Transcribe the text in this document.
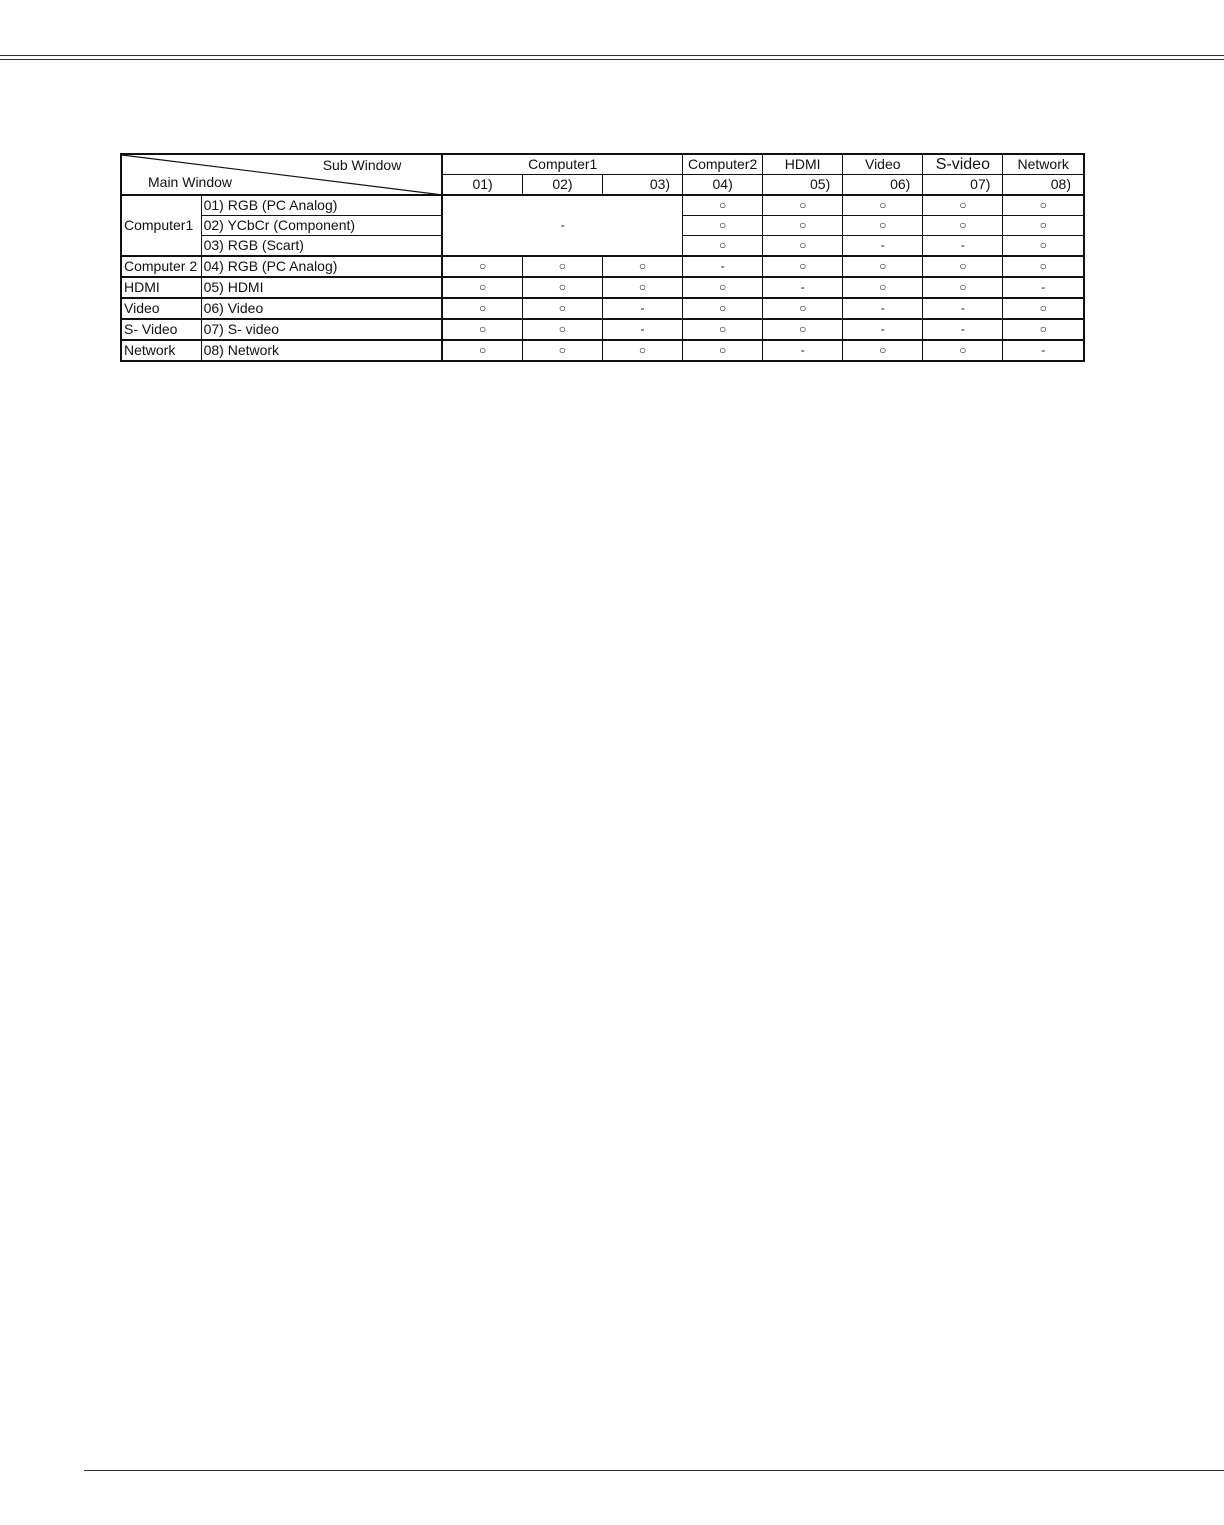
Sub Window
Main Window		Computer1			Computer2	HDMI	Video	S-video	Network
		01)	02)	03)	04)	05)	06)	07)	08)
Computer1	01) RGB (PC Analog)	-			○	○	○	○	○
	02) YCbCr (Component)				○	○	○	○	○
	03) RGB (Scart)				○	○	-	-	○
Computer 2	04) RGB (PC Analog)	○	○	○	-	○	○	○	○
HDMI	05) HDMI	○	○	○	○	-	○	○	-
Video	06) Video	○	○	-	○	○	-	-	○
S- Video	07) S- video	○	○	-	○	○	-	-	○
Network	08) Network	○	○	○	○	-	○	○	-
